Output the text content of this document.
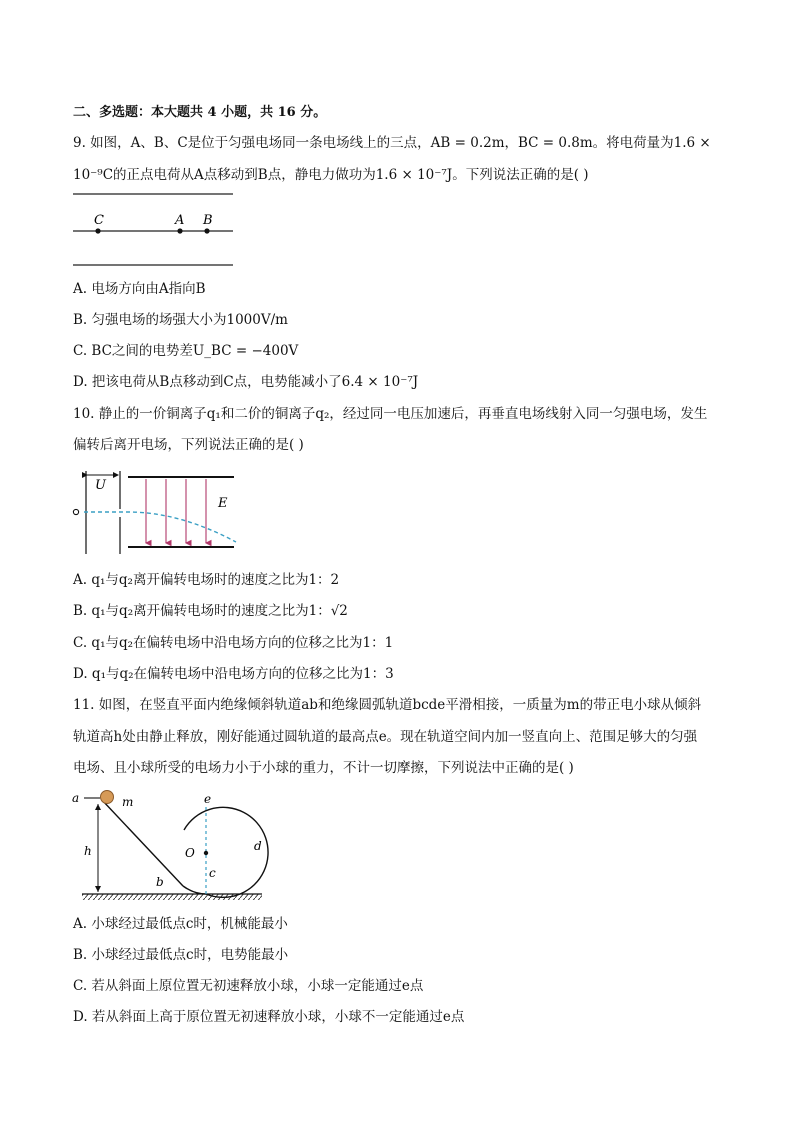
二、多选题：本大题共 4 小题，共 16 分。
9. 如图，A、B、C是位于匀强电场同一条电场线上的三点，AB = 0.2m，BC = 0.8m。将电荷量为1.6 ×
10⁻⁹C的正点电荷从A点移动到B点，静电力做功为1.6 × 10⁻⁷J。下列说法正确的是( )
C	A B
A. 电场方向由A指向B
B. 匀强电场的场强大小为1000V/m
C. BC之间的电势差U_BC = −400V
D. 把该电荷从B点移动到C点，电势能减小了6.4 × 10⁻⁷J
10. 静止的一价铜离子q₁和二价的铜离子q₂，经过同一电压加速后，再垂直电场线射入同一匀强电场，发生
偏转后离开电场，下列说法正确的是( )
U
E
A. q₁与q₂离开偏转电场时的速度之比为1：2
B. q₁与q₂离开偏转电场时的速度之比为1：√2
C. q₁与q₂在偏转电场中沿电场方向的位移之比为1：1
D. q₁与q₂在偏转电场中沿电场方向的位移之比为1：3
11. 如图，在竖直平面内绝缘倾斜轨道ab和绝缘圆弧轨道bcde平滑相接，一质量为m的带正电小球从倾斜
轨道高h处由静止释放，刚好能通过圆轨道的最高点e。现在轨道空间内加一竖直向上、范围足够大的匀强
电场、且小球所受的电场力小于小球的重力，不计一切摩擦，下列说法中正确的是( )
a	m
h
b
e
O
c
d
A. 小球经过最低点c时，机械能最小
B. 小球经过最低点c时，电势能最小
C. 若从斜面上原位置无初速释放小球，小球一定能通过e点
D. 若从斜面上高于原位置无初速释放小球，小球不一定能通过e点
